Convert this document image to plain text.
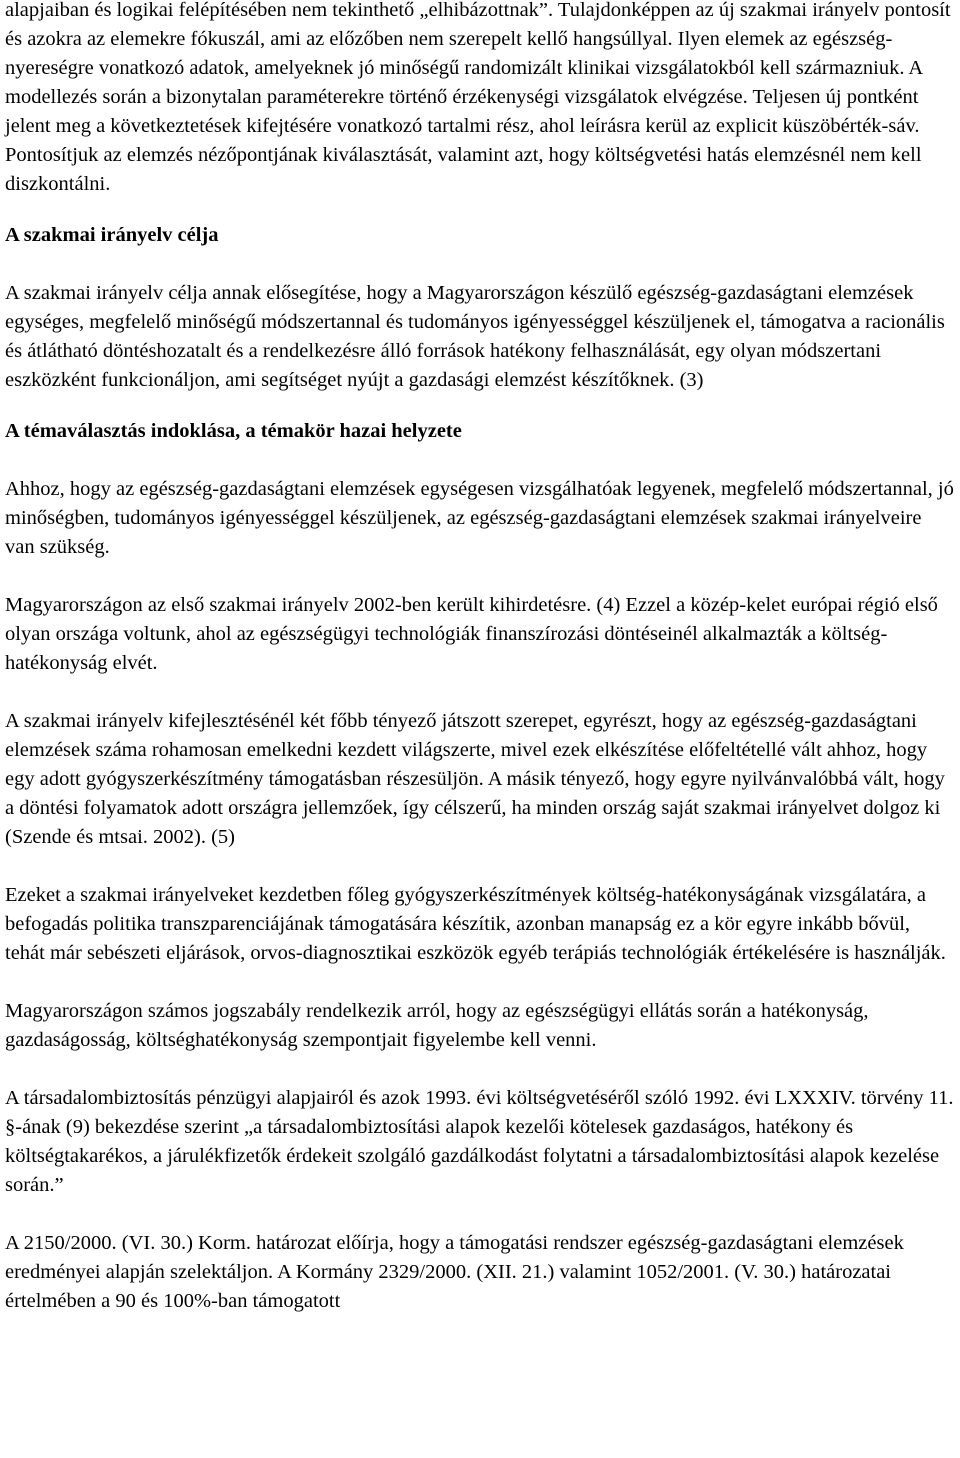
alapjaiban és logikai felépítésében nem tekinthető „elhibázottnak”. Tulajdonképpen az új szakmai irányelv pontosít és azokra az elemekre fókuszál, ami az előzőben nem szerepelt kellő hangsúllyal. Ilyen elemek az egészség-nyereségre vonatkozó adatok, amelyeknek jó minőségű randomizált klinikai vizsgálatokból kell származniuk. A modellezés során a bizonytalan paraméterekre történő érzékenységi vizsgálatok elvégzése. Teljesen új pontként jelent meg a következtetések kifejtésére vonatkozó tartalmi rész, ahol leírásra kerül az explicit küszöbérték-sáv. Pontosítjuk az elemzés nézőpontjának kiválasztását, valamint azt, hogy költségvetési hatás elemzésnél nem kell diszkontálni.

A szakmai irányelv célja

A szakmai irányelv célja annak elősegítése, hogy a Magyarországon készülő egészség-gazdaságtani elemzések egységes, megfelelő minőségű módszertannal és tudományos igényességgel készüljenek el, támogatva a racionális és átlátható döntéshozatalt és a rendelkezésre álló források hatékony felhasználását, egy olyan módszertani eszközként funkcionáljon, ami segítséget nyújt a gazdasági elemzést készítőknek. (3)

A témaválasztás indoklása, a témakör hazai helyzete

Ahhoz, hogy az egészség-gazdaságtani elemzések egységesen vizsgálhatóak legyenek, megfelelő módszertannal, jó minőségben, tudományos igényességgel készüljenek, az egészség-gazdaságtani elemzések szakmai irányelveire van szükség.

Magyarországon az első szakmai irányelv 2002-ben került kihirdetésre. (4) Ezzel a közép-kelet európai régió első olyan országa voltunk, ahol az egészségügyi technológiák finanszírozási döntéseinél alkalmazták a költség-hatékonyság elvét.

A szakmai irányelv kifejlesztésénél két főbb tényező játszott szerepet, egyrészt, hogy az egészség-gazdaságtani elemzések száma rohamosan emelkedni kezdett világszerte, mivel ezek elkészítése előfeltétellé vált ahhoz, hogy egy adott gyógyszerkészítmény támogatásban részesüljön. A másik tényező, hogy egyre nyilvánvalóbbá vált, hogy a döntési folyamatok adott országra jellemzőek, így célszerű, ha minden ország saját szakmai irányelvet dolgoz ki (Szende és mtsai. 2002). (5)

Ezeket a szakmai irányelveket kezdetben főleg gyógyszerkészítmények költség-hatékonyságának vizsgálatára, a befogadás politika transzparenciájának támogatására készítik, azonban manapság ez a kör egyre inkább bővül, tehát már sebészeti eljárások, orvos-diagnosztikai eszközök egyéb terápiás technológiák értékelésére is használják.

Magyarországon számos jogszabály rendelkezik arról, hogy az egészségügyi ellátás során a hatékonyság, gazdaságosság, költséghatékonyság szempontjait figyelembe kell venni.

A társadalombiztosítás pénzügyi alapjairól és azok 1993. évi költségvetéséről szóló 1992. évi LXXXIV. törvény 11. §-ának (9) bekezdése szerint „a társadalombiztosítási alapok kezelői kötelesek gazdaságos, hatékony és költségtakarékos, a járulékfizetők érdekeit szolgáló gazdálkodást folytatni a társadalombiztosítási alapok kezelése során.”

A 2150/2000. (VI. 30.) Korm. határozat előírja, hogy a támogatási rendszer egészség-gazdaságtani elemzések eredményei alapján szelektáljon. A Kormány 2329/2000. (XII. 21.) valamint 1052/2001. (V. 30.) határozatai értelmében a 90 és 100%-ban támogatott
